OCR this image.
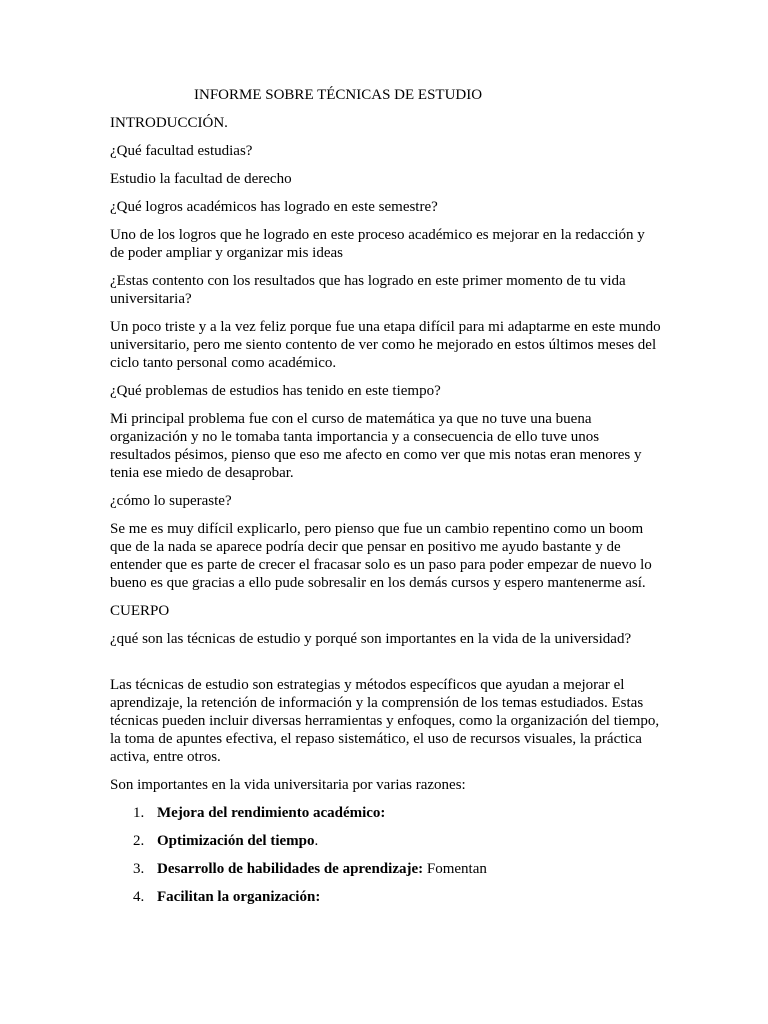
INFORME SOBRE TÉCNICAS DE ESTUDIO

INTRODUCCIÓN.

¿Qué facultad estudias?

Estudio la facultad de derecho

¿Qué logros académicos has logrado en este semestre?

Uno de los logros que he logrado en este proceso académico es mejorar en la redacción y de poder ampliar y organizar mis ideas

¿Estas contento con los resultados que has logrado en este primer momento de tu vida universitaria?

Un poco triste y a la vez feliz porque fue una etapa difícil para mi adaptarme en este mundo universitario, pero me siento contento de ver como he mejorado en estos últimos meses del ciclo tanto personal como académico.

¿Qué problemas de estudios has tenido en este tiempo?

Mi principal problema fue con el curso de matemática ya que no tuve una buena organización y no le tomaba tanta importancia y a consecuencia de ello tuve unos resultados pésimos, pienso que eso me afecto en como ver que mis notas eran menores y tenia ese miedo de desaprobar.

¿cómo lo superaste?

Se me es muy difícil explicarlo, pero pienso que fue un cambio repentino como un boom que de la nada se aparece podría decir que pensar en positivo me ayudo bastante y de entender que es parte de crecer el fracasar solo es un paso para poder empezar de nuevo lo bueno es que gracias a ello pude sobresalir en los demás cursos y espero mantenerme así.

CUERPO

¿qué son las técnicas de estudio y porqué son importantes en la vida de la universidad?

Las técnicas de estudio son estrategias y métodos específicos que ayudan a mejorar el aprendizaje, la retención de información y la comprensión de los temas estudiados. Estas técnicas pueden incluir diversas herramientas y enfoques, como la organización del tiempo, la toma de apuntes efectiva, el repaso sistemático, el uso de recursos visuales, la práctica activa, entre otros.

Son importantes en la vida universitaria por varias razones:

1. Mejora del rendimiento académico:
2. Optimización del tiempo.
3. Desarrollo de habilidades de aprendizaje: Fomentan
4. Facilitan la organización:
